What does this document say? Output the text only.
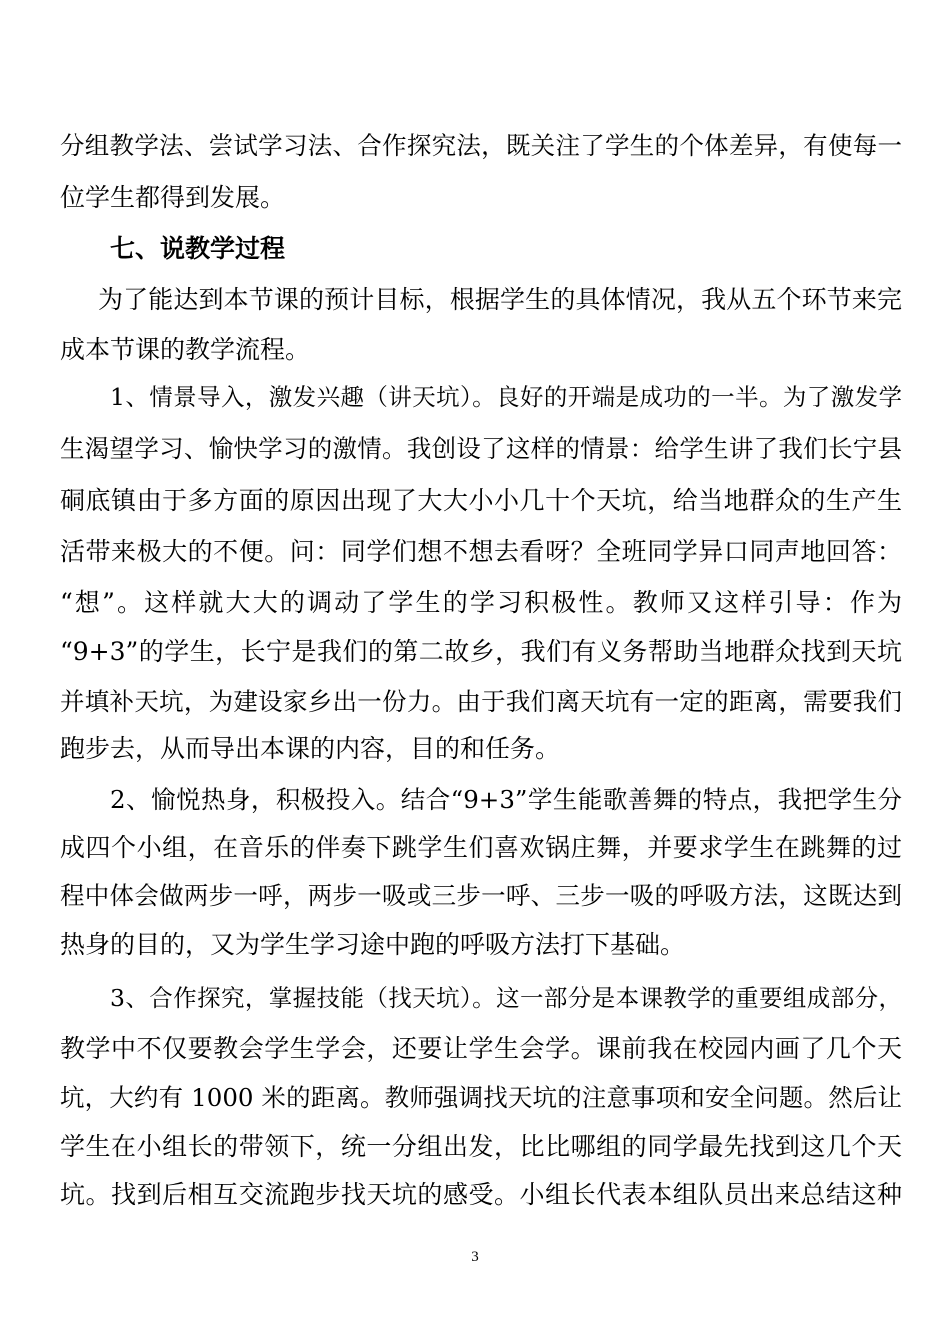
分组教学法、尝试学习法、合作探究法，既关注了学生的个体差异，有使每一
位学生都得到发展。
七、说教学过程
为了能达到本节课的预计目标，根据学生的具体情况，我从五个环节来完
成本节课的教学流程。
1、情景导入，激发兴趣（讲天坑）。良好的开端是成功的一半。为了激发学
生渴望学习、愉快学习的激情。我创设了这样的情景：给学生讲了我们长宁县
硐底镇由于多方面的原因出现了大大小小几十个天坑，给当地群众的生产生
活带来极大的不便。问：同学们想不想去看呀？全班同学异口同声地回答：
“想”。这样就大大的调动了学生的学习积极性。教师又这样引导：作为
“9+3”的学生，长宁是我们的第二故乡，我们有义务帮助当地群众找到天坑
并填补天坑，为建设家乡出一份力。由于我们离天坑有一定的距离，需要我们
跑步去，从而导出本课的内容，目的和任务。
2、愉悦热身，积极投入。结合“9+3”学生能歌善舞的特点，我把学生分
成四个小组，在音乐的伴奏下跳学生们喜欢锅庄舞，并要求学生在跳舞的过
程中体会做两步一呼，两步一吸或三步一呼、三步一吸的呼吸方法，这既达到
热身的目的，又为学生学习途中跑的呼吸方法打下基础。
3、合作探究，掌握技能（找天坑）。这一部分是本课教学的重要组成部分，
教学中不仅要教会学生学会，还要让学生会学。课前我在校园内画了几个天
坑，大约有 1000 米的距离。教师强调找天坑的注意事项和安全问题。然后让
学生在小组长的带领下，统一分组出发，比比哪组的同学最先找到这几个天
坑。找到后相互交流跑步找天坑的感受。小组长代表本组队员出来总结这种
3
